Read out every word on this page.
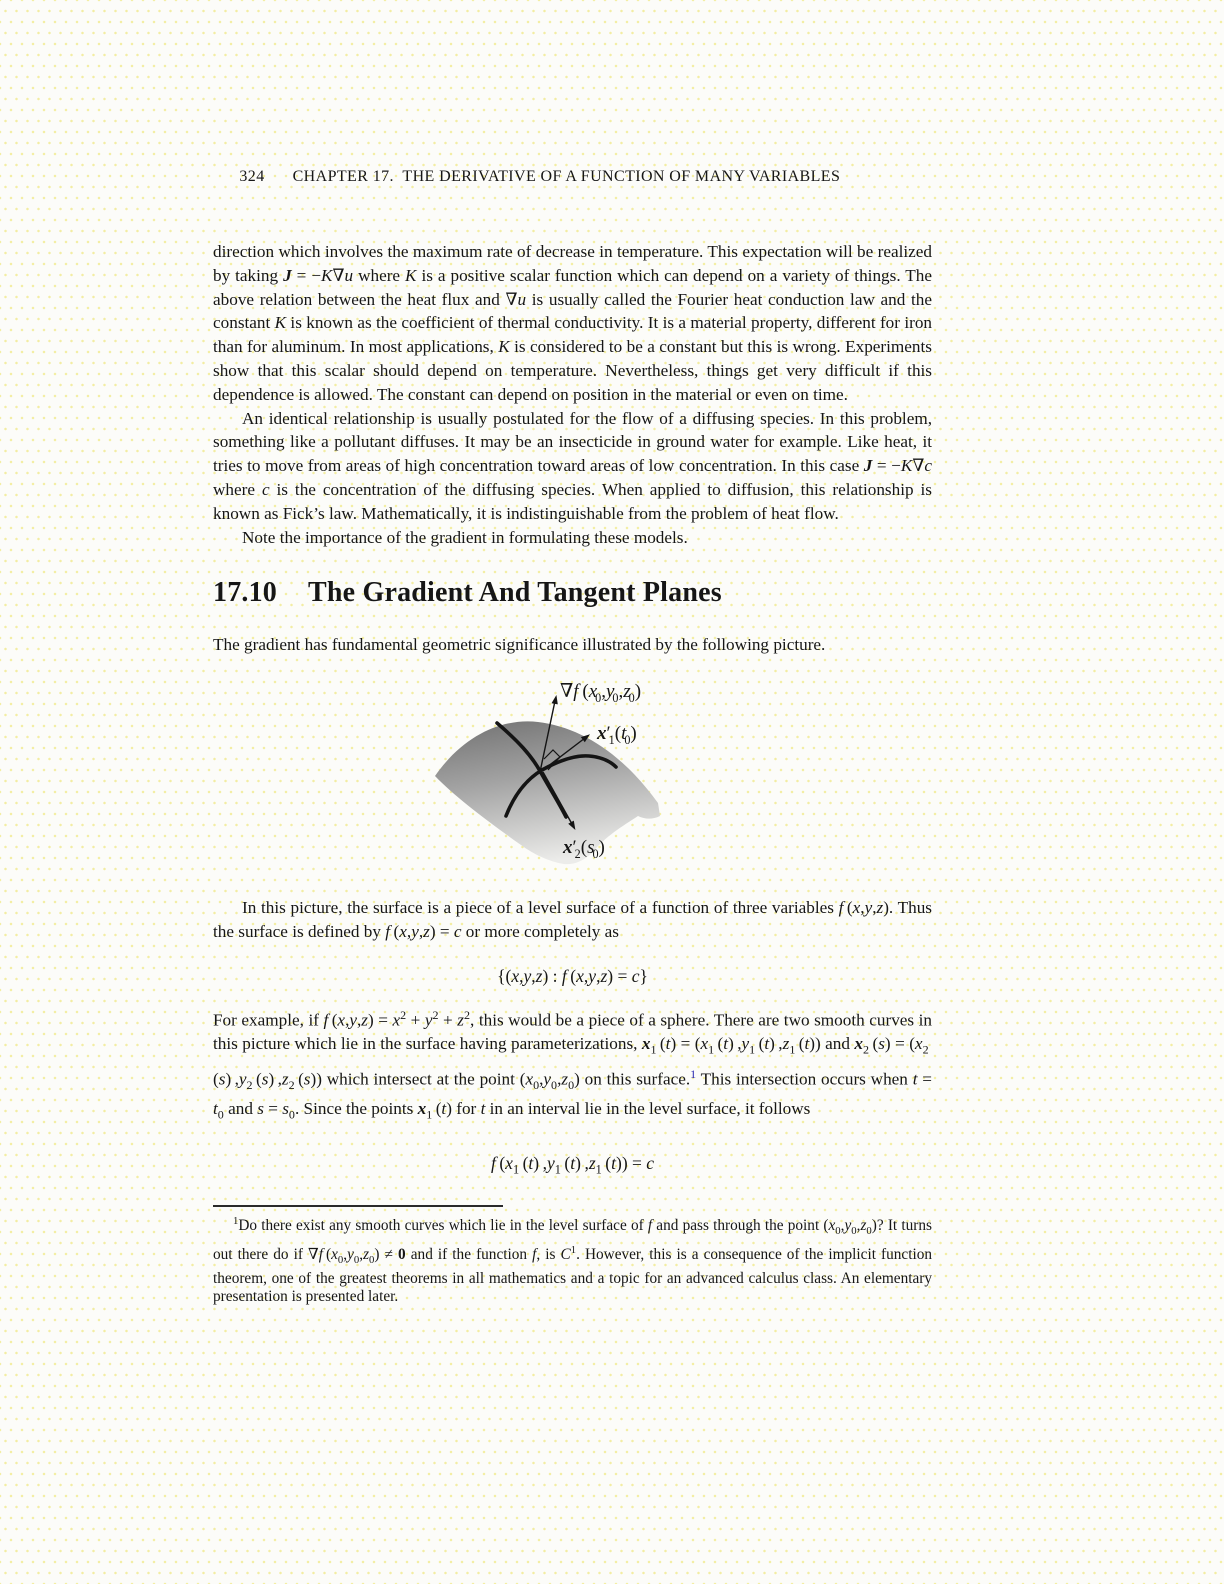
324 CHAPTER 17.  THE DERIVATIVE OF A FUNCTION OF MANY VARIABLES

direction which involves the maximum rate of decrease in temperature. This expectation will be realized by taking J = −K∇u where K is a positive scalar function which can depend on a variety of things. The above relation between the heat flux and ∇u is usually called the Fourier heat conduction law and the constant K is known as the coefficient of thermal conductivity. It is a material property, different for iron than for aluminum. In most applications, K is considered to be a constant but this is wrong. Experiments show that this scalar should depend on temperature. Nevertheless, things get very difficult if this dependence is allowed. The constant can depend on position in the material or even on time.

An identical relationship is usually postulated for the flow of a diffusing species. In this problem, something like a pollutant diffuses. It may be an insecticide in ground water for example. Like heat, it tries to move from areas of high concentration toward areas of low concentration. In this case J = −K∇c where c is the concentration of the diffusing species. When applied to diffusion, this relationship is known as Fick’s law. Mathematically, it is indistinguishable from the problem of heat flow.

Note the importance of the gradient in formulating these models.

17.10 The Gradient And Tangent Planes

The gradient has fundamental geometric significance illustrated by the following picture.

∇f $(x_0,y_0,z_0)$
$x'_1(t_0)$
$x'_2(s_0)$

In this picture, the surface is a piece of a level surface of a function of three variables f (x,y,z). Thus the surface is defined by f (x,y,z) = c or more completely as

{(x,y,z) : f (x,y,z) = c}

For example, if f $(x,y,z) = x^2 + y^2 + z^2$, this would be a piece of a sphere. There are two smooth curves in this picture which lie in the surface having parameterizations, $x_1$ $(t) = (x_1$ (t) $,y_1$ (t) $,z_1$ (t)) and $x_2$ $(s) = (x_2$ (s) $,y_2$ (s) $,z_2$ (s)) which intersect at the point $(x_0,y_0,z_0)$ on this surface.$^1$ This intersection occurs when $t = t_0$ and $s = s_0$. Since the points $x_1$ (t) for t in an interval lie in the level surface, it follows

f ($x_1$ (t) $,y_1$ (t) $,z_1$ (t)) = c

$^1$Do there exist any smooth curves which lie in the level surface of f and pass through the point $(x_0,y_0,z_0)$? It turns out there do if ∇f $(x_0,y_0,z_0) \ne 0$ and if the function f, is $C^1$. However, this is a consequence of the implicit function theorem, one of the greatest theorems in all mathematics and a topic for an advanced calculus class. An elementary presentation is presented later.
